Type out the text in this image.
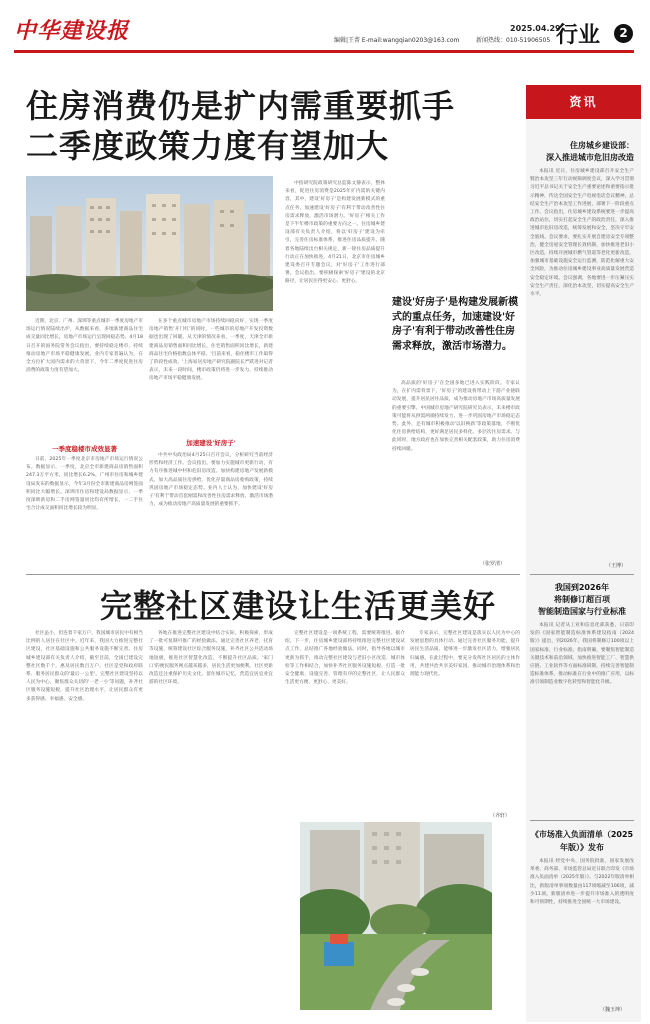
中华建设报	2025.04.29
编辑|王菁 E-mail:wangqian0203@163.com	新闻热线：010-51906505 行业	2
住房消费仍是扩内需重要抓手
二季度政策力度有望加大

近期，北京、广州、深圳等重点城市一季度房地产市场运行情况陆续出炉，从数据来看，多地新建商品住宅成交量同比增长，房地产市场运行呈现回稳态势。4月18日召开的国务院常务会议指出，要持续稳定楼市，持续推动房地产市场平稳健康发展。业内专家普遍认为，在全方位扩大国内需求的大背景下，今年二季度促进住房消费的政策力度有望加大。

一季度稳楼市成效显著

日前，2025年一季度北京市房地产市场运行情况公布。数据显示，一季度，北京全市新建商品房销售面积247.3万平方米，同比增长6.2%。广州市住房和城乡建设局发布的数据显示，今年3月份全市新建商品房网签面积同比大幅增长。深圳市住房和建设局数据显示，一季度深圳新房和二手房网签量同比均有所增长，一二手住宅合计成交面积同比增长较为明显。

在多个重点城市房地产市场持续回稳向好、实现一季度房地产销售'开门红'的同时，一些城市的房地产开发投资数据也出现了回暖。从天津的情况来看，一季度，天津全市新建商品房销售面积同比增长，住宅销售面积同比增长，新建商品住宅价格指数总体平稳。'目前来看，稳住楼市工作取得了阶段性成效。'上海易居房地产研究院副院长严跃进对记者表示，未来一段时间，楼市政策仍将进一步发力，持续推动房地产市场平稳健康发展。

加速建设'好房子'

中共中央政治局4月25日召开会议，分析研究当前经济形势和经济工作。会议指出，要加力实施城市更新行动，有力有序推进城中村和危旧房改造。加快构建房地产发展新模式，加大高品质住房供给，优化存量商品房收购政策，持续巩固房地产市场稳定态势。业内人士认为，加快建设'好房子'有利于带动首套刚需和改善性住房需求释放，激活市场潜力，成为推动房地产高质量发展的重要抓手。

中指研究院政策研究总监陈文静表示，整体来看，促进住房消费是2025年扩内需的关键内容，其中，建设'好房子'是构建发展新模式的重点任务，加速建设'好房子'有利于带动改善性住房需求释放，激活市场潜力。'好房子'相关工作是下半年楼市政策的重要方向之一。住房城乡建设部有关负责人介绍，将以'好房子'建设为牵引，完善住房标准体系，推进住房品质提升。随着各地陆续出台相关规定，新一轮住房品质提升行动正在加快推进。4月21日，北京市住房城乡建设委召开专题会议，对'好房子'工作进行部署。会议指出，要积极探索'好房子'建设的北京路径，让居民住得更安心、更舒心。

建设'好房子'是构建发展新模式的重点任务，加速建设'好房子'有利于带动改善性住房需求释放，激活市场潜力。

高品质的'好房子'在全国多地已进入实践阶段。专家认为，在扩内需背景下，'好房子'的建设将带动上下游产业链联动发展，提升居民居住品质，成为推动房地产市场高质量发展的重要引擎。中国城市房地产研究院研究员表示，未来楼市政策可能将从供需两端持续发力，进一步巩固房地产市场稳定态势。此外，还有城市积极推动'以旧换新'等政策落地，不断优化住房供给结构，更好满足居民多样化、多层次住房需求。与此同时，地方政府也在加快完善相关配套政策，助力住房消费持续回暖。

（张罗清）
完整社区建设让生活更美好

社区虽小，但连着千家万户。我国城市居民中有相当比例的人居住在社区中。近年来，我国大力推进完整社区建设，社区基础设施和公共服务设施不断完善。住房城乡建设部有关负责人介绍，截至目前，全国已建设完整社区数千个，惠及居民数百万户。社区是党和政府联系、服务居民群众的'最后一公里'。完整社区建设坚持以人民为中心，聚焦群众关切的'一老一小'等问题，补齐社区服务设施短板，提升社区治理水平，让居民群众有更多获得感、幸福感、安全感。

各地在推进完整社区建设中结合实际，积极探索，形成了一批可复制可推广的经验做法。通过完善社区养老、托育等设施，统筹建设社区综合服务设施，补齐社区公共活动场地短板，推进社区智慧化改造，不断提升社区品质。'家门口'的便民服务网点越来越多，居民生活更加便利。社区更新改造还注重保护历史文化，留住城市记忆，营造宜居宜业宜游的社区环境。

完整社区建设是一项系统工程，需要统筹推进。据介绍，下一步，住房城乡建设部将持续推进完整社区建设试点工作，总结推广各地经验做法。同时，指导各地以城市更新为抓手，推动完整社区建设与老旧小区改造、城市体检等工作相结合，加快补齐社区服务设施短板，打造一批安全健康、设施完善、管理有序的完整社区，让人民群众生活更方便、更舒心、更美好。

专家表示，完整社区建设是落实以人民为中心的发展思想的具体行动。通过完善社区服务功能，提升居民生活品质，能够进一步激发社区活力，增强居民归属感。在此过程中，要充分发挥社区居民的主体作用，共建共治共享美好家园，推动城市治理体系和治理能力现代化。

（齐轩）
资讯
住房城乡建设部：
深入推进城市危旧房改造

本报讯 近日，住房城乡建设部召开安全生产暨治本攻坚三年行动视频调度会议，深入学习贯彻习近平总书记关于安全生产重要论述和重要指示批示精神，传达全国安全生产电视电话会议精神，总结安全生产治本攻坚工作进展，部署下一阶段重点工作。会议指出，住房城乡建设系统要进一步提高政治站位，切实扛起安全生产的政治责任，深入推进城市危旧房改造，统筹发展和安全，坚决守牢安全底线。会议要求，要扎实开展自建房安全专项整治，健全房屋安全管理长效机制，加快推进老旧小区改造，持续开展城市燃气管道等老化更新改造，加强城市基础设施安全运行监测，防范化解重大安全风险，为推动住房城乡建设事业高质量发展营造安全稳定环境。会议强调，各地要进一步压紧压实安全生产责任，深化治本攻坚，切实提高安全生产水平。

（王博）
我国到2026年
将制修订超百项
智能制造国家与行业标准

本报讯 记者从工业和信息化部获悉，日前印发的《国家智能制造标准体系建设指南（2024版）》提出，到2026年，我国将制修订100项以上国家标准、行业标准。指南明确，要聚焦智能制造关键技术和前沿领域，加快推进智能工厂、智慧供应链、工业软件等方面标准研制，持续完善智能制造标准体系，推动标准在行业中的推广应用，以标准引领制造业数字化转型和智能化升级。

《市场准入负面清单（2025年版）》发布

本报讯 经党中央、国务院批准，国家发展改革委、商务部、市场监管总局近日联合印发《市场准入负面清单（2025年版）》。与2022年版清单相比，新版清单事项数量由117项缩减至106项，减少11项。新版清单进一步提升市场准入的透明度和可预期性，持续推进全国统一大市场建设。

（魏玉坤）
